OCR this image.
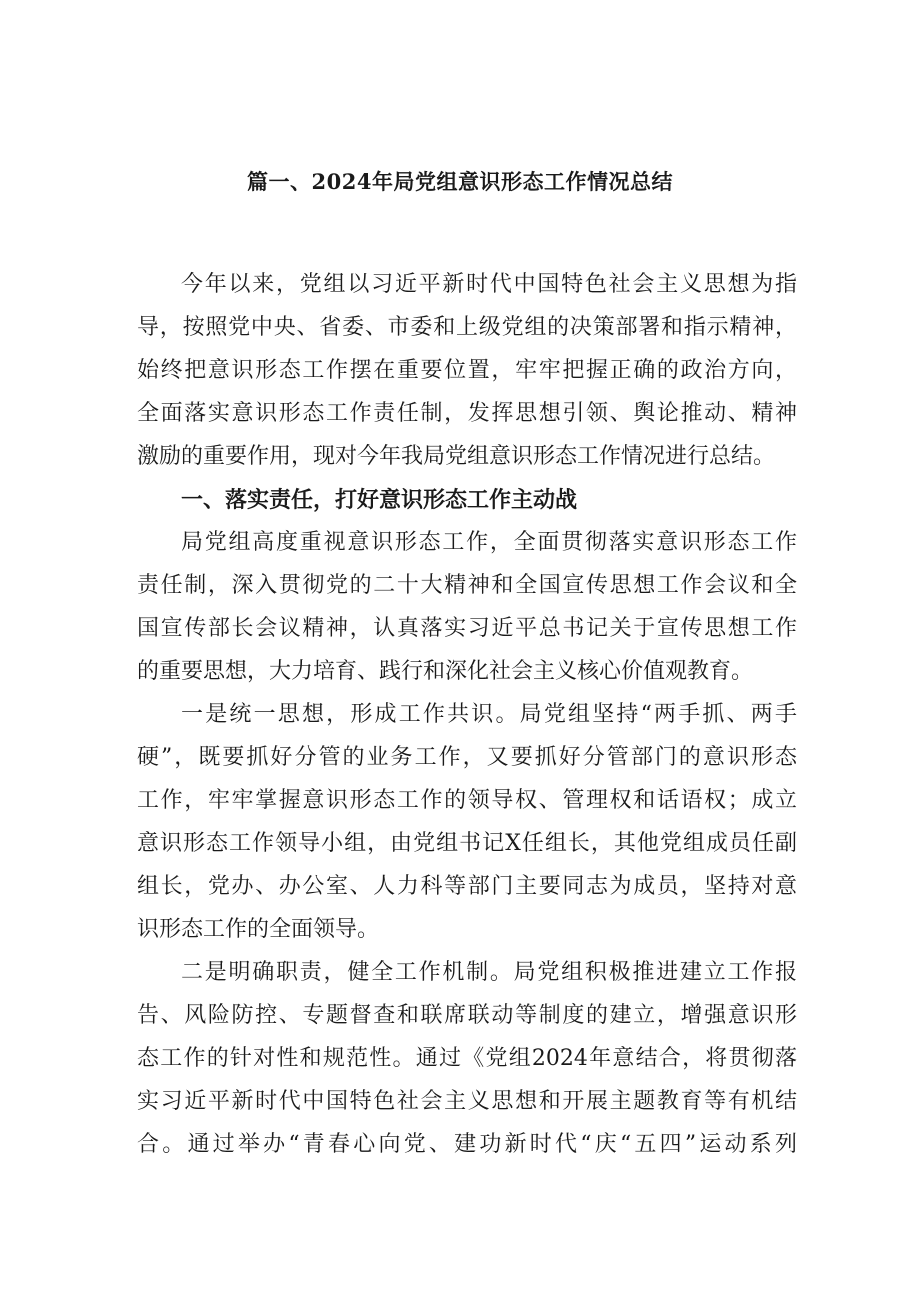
篇一、2024年局党组意识形态工作情况总结
今年以来，党组以习近平新时代中国特色社会主义思想为指
导，按照党中央、省委、市委和上级党组的决策部署和指示精神，
始终把意识形态工作摆在重要位置，牢牢把握正确的政治方向，
全面落实意识形态工作责任制，发挥思想引领、舆论推动、精神
激励的重要作用，现对今年我局党组意识形态工作情况进行总结。
一、落实责任，打好意识形态工作主动战
局党组高度重视意识形态工作，全面贯彻落实意识形态工作
责任制，深入贯彻党的二十大精神和全国宣传思想工作会议和全
国宣传部长会议精神，认真落实习近平总书记关于宣传思想工作
的重要思想，大力培育、践行和深化社会主义核心价值观教育。
一是统一思想，形成工作共识。局党组坚持“两手抓、两手
硬”，既要抓好分管的业务工作，又要抓好分管部门的意识形态
工作，牢牢掌握意识形态工作的领导权、管理权和话语权；成立
意识形态工作领导小组，由党组书记X任组长，其他党组成员任副
组长，党办、办公室、人力科等部门主要同志为成员，坚持对意
识形态工作的全面领导。
二是明确职责，健全工作机制。局党组积极推进建立工作报
告、风险防控、专题督查和联席联动等制度的建立，增强意识形
态工作的针对性和规范性。通过《党组2024年意结合，将贯彻落
实习近平新时代中国特色社会主义思想和开展主题教育等有机结
合。通过举办“青春心向党、建功新时代“庆“五四”运动系列
